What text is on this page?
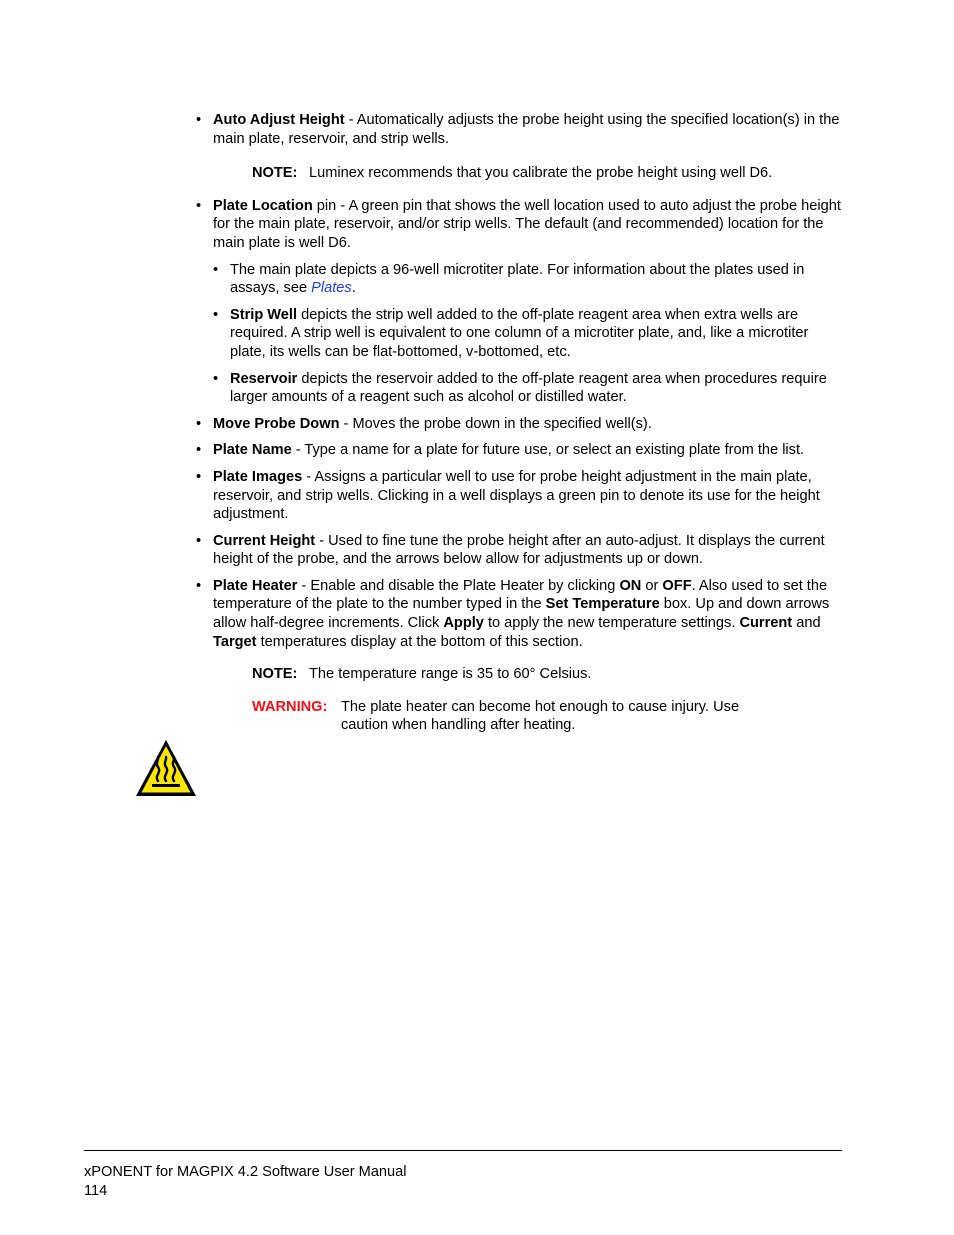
• Auto Adjust Height - Automatically adjusts the probe height using the specified location(s) in the main plate, reservoir, and strip wells.
NOTE: Luminex recommends that you calibrate the probe height using well D6.
• Plate Location pin - A green pin that shows the well location used to auto adjust the probe height for the main plate, reservoir, and/or strip wells. The default (and recommended) location for the main plate is well D6.
• The main plate depicts a 96-well microtiter plate. For information about the plates used in assays, see Plates.
• Strip Well depicts the strip well added to the off-plate reagent area when extra wells are required. A strip well is equivalent to one column of a microtiter plate, and, like a microtiter plate, its wells can be flat-bottomed, v-bottomed, etc.
• Reservoir depicts the reservoir added to the off-plate reagent area when procedures require larger amounts of a reagent such as alcohol or distilled water.
• Move Probe Down - Moves the probe down in the specified well(s).
• Plate Name - Type a name for a plate for future use, or select an existing plate from the list.
• Plate Images - Assigns a particular well to use for probe height adjustment in the main plate, reservoir, and strip wells. Clicking in a well displays a green pin to denote its use for the height adjustment.
• Current Height - Used to fine tune the probe height after an auto-adjust. It displays the current height of the probe, and the arrows below allow for adjustments up or down.
• Plate Heater - Enable and disable the Plate Heater by clicking ON or OFF. Also used to set the temperature of the plate to the number typed in the Set Temperature box. Up and down arrows allow half-degree increments. Click Apply to apply the new temperature settings. Current and Target temperatures display at the bottom of this section.
NOTE: The temperature range is 35 to 60° Celsius.
WARNING: The plate heater can become hot enough to cause injury. Use caution when handling after heating.
xPONENT for MAGPIX 4.2 Software User Manual
114
